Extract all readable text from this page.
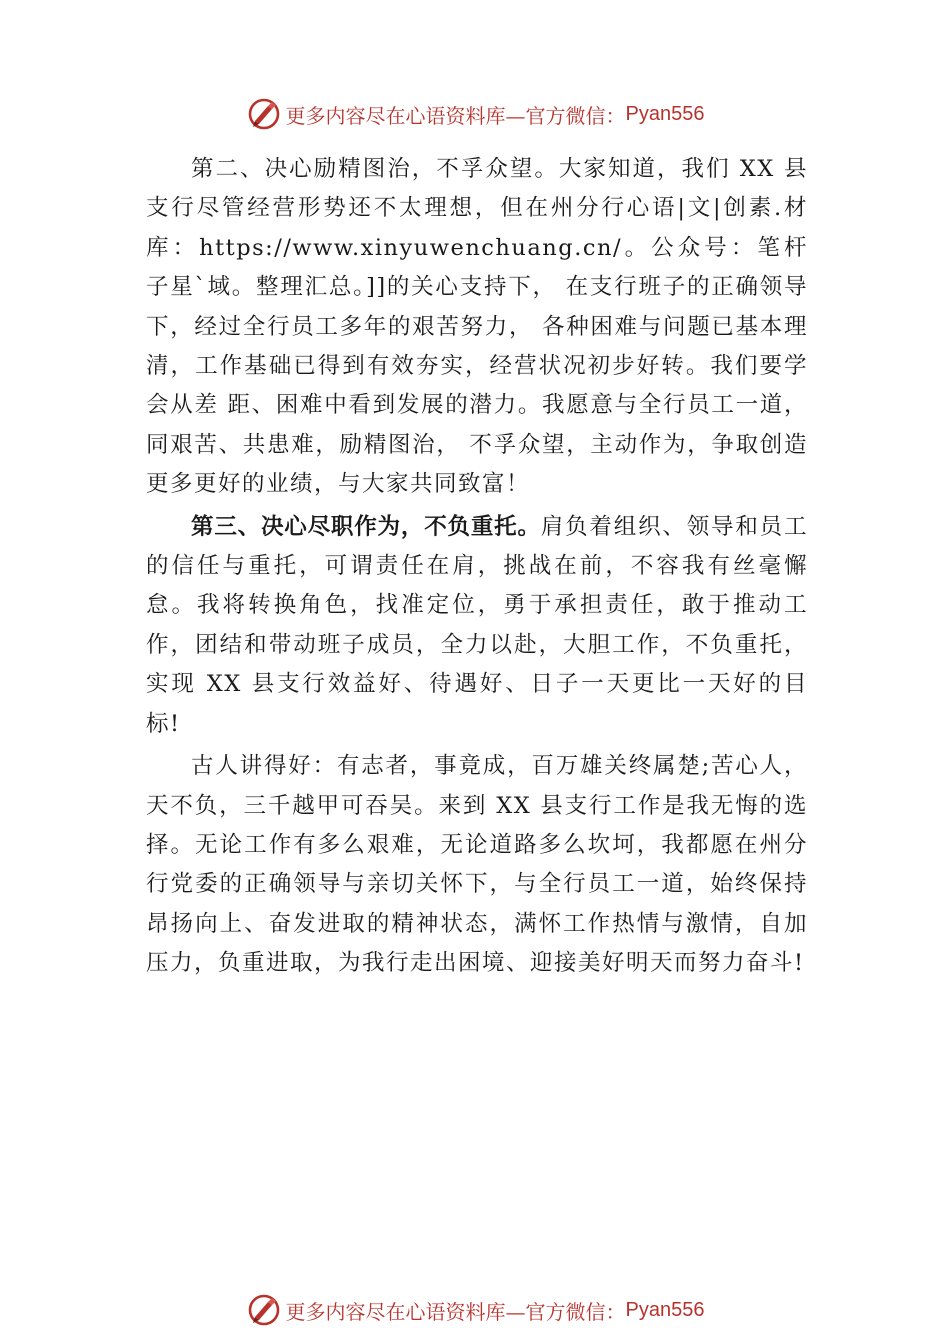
更多内容尽在心语资料库—官方微信： Pyan556

第二、决心励精图治，不孚众望。大家知道，我们 XX 县支行尽管经营形势还不太理想，但在州分行心语|文|创素.材库：https://www.xinyuwenchuang.cn/。公众号：笔杆子星`域。整理汇总。]]的关心支持下， 在支行班子的正确领导下，经过全行员工多年的艰苦努力， 各种困难与问题已基本理清，工作基础已得到有效夯实，经营状况初步好转。我们要学会从差 距、困难中看到发展的潜力。我愿意与全行员工一道，同艰苦、共患难，励精图治， 不孚众望，主动作为，争取创造更多更好的业绩，与大家共同致富！

第三、决心尽职作为，不负重托。肩负着组织、领导和员工的信任与重托，可谓责任在肩，挑战在前，不容我有丝毫懈怠。我将转换角色，找准定位，勇于承担责任，敢于推动工作，团结和带动班子成员，全力以赴，大胆工作，不负重托，实现 XX 县支行效益好、待遇好、日子一天更比一天好的目标!

古人讲得好：有志者，事竟成，百万雄关终属楚;苦心人，天不负，三千越甲可吞吴。来到 XX 县支行工作是我无悔的选择。无论工作有多么艰难，无论道路多么坎坷，我都愿在州分行党委的正确领导与亲切关怀下，与全行员工一道，始终保持昂扬向上、奋发进取的精神状态，满怀工作热情与激情，自加压力，负重进取，为我行走出困境、迎接美好明天而努力奋斗!

更多内容尽在心语资料库—官方微信： Pyan556
